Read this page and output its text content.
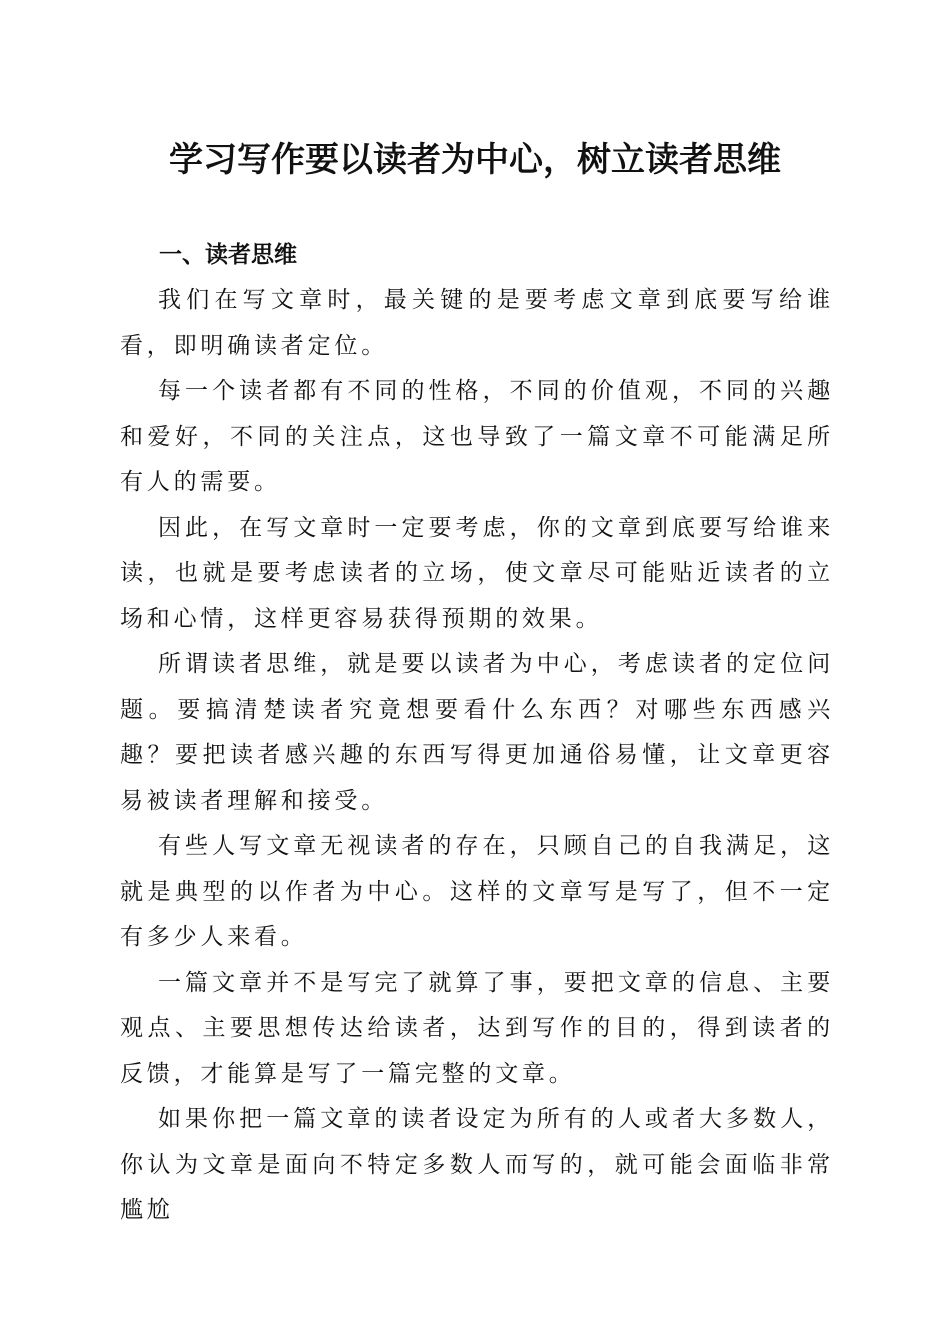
学习写作要以读者为中心，树立读者思维

一、读者思维

我们在写文章时，最关键的是要考虑文章到底要写给谁看，即明确读者定位。

每一个读者都有不同的性格，不同的价值观，不同的兴趣和爱好，不同的关注点，这也导致了一篇文章不可能满足所有人的需要。

因此，在写文章时一定要考虑，你的文章到底要写给谁来读，也就是要考虑读者的立场，使文章尽可能贴近读者的立场和心情，这样更容易获得预期的效果。

所谓读者思维，就是要以读者为中心，考虑读者的定位问题。要搞清楚读者究竟想要看什么东西？对哪些东西感兴趣？要把读者感兴趣的东西写得更加通俗易懂，让文章更容易被读者理解和接受。

有些人写文章无视读者的存在，只顾自己的自我满足，这就是典型的以作者为中心。这样的文章写是写了，但不一定有多少人来看。

一篇文章并不是写完了就算了事，要把文章的信息、主要观点、主要思想传达给读者，达到写作的目的，得到读者的反馈，才能算是写了一篇完整的文章。

如果你把一篇文章的读者设定为所有的人或者大多数人，你认为文章是面向不特定多数人而写的，就可能会面临非常尴尬
